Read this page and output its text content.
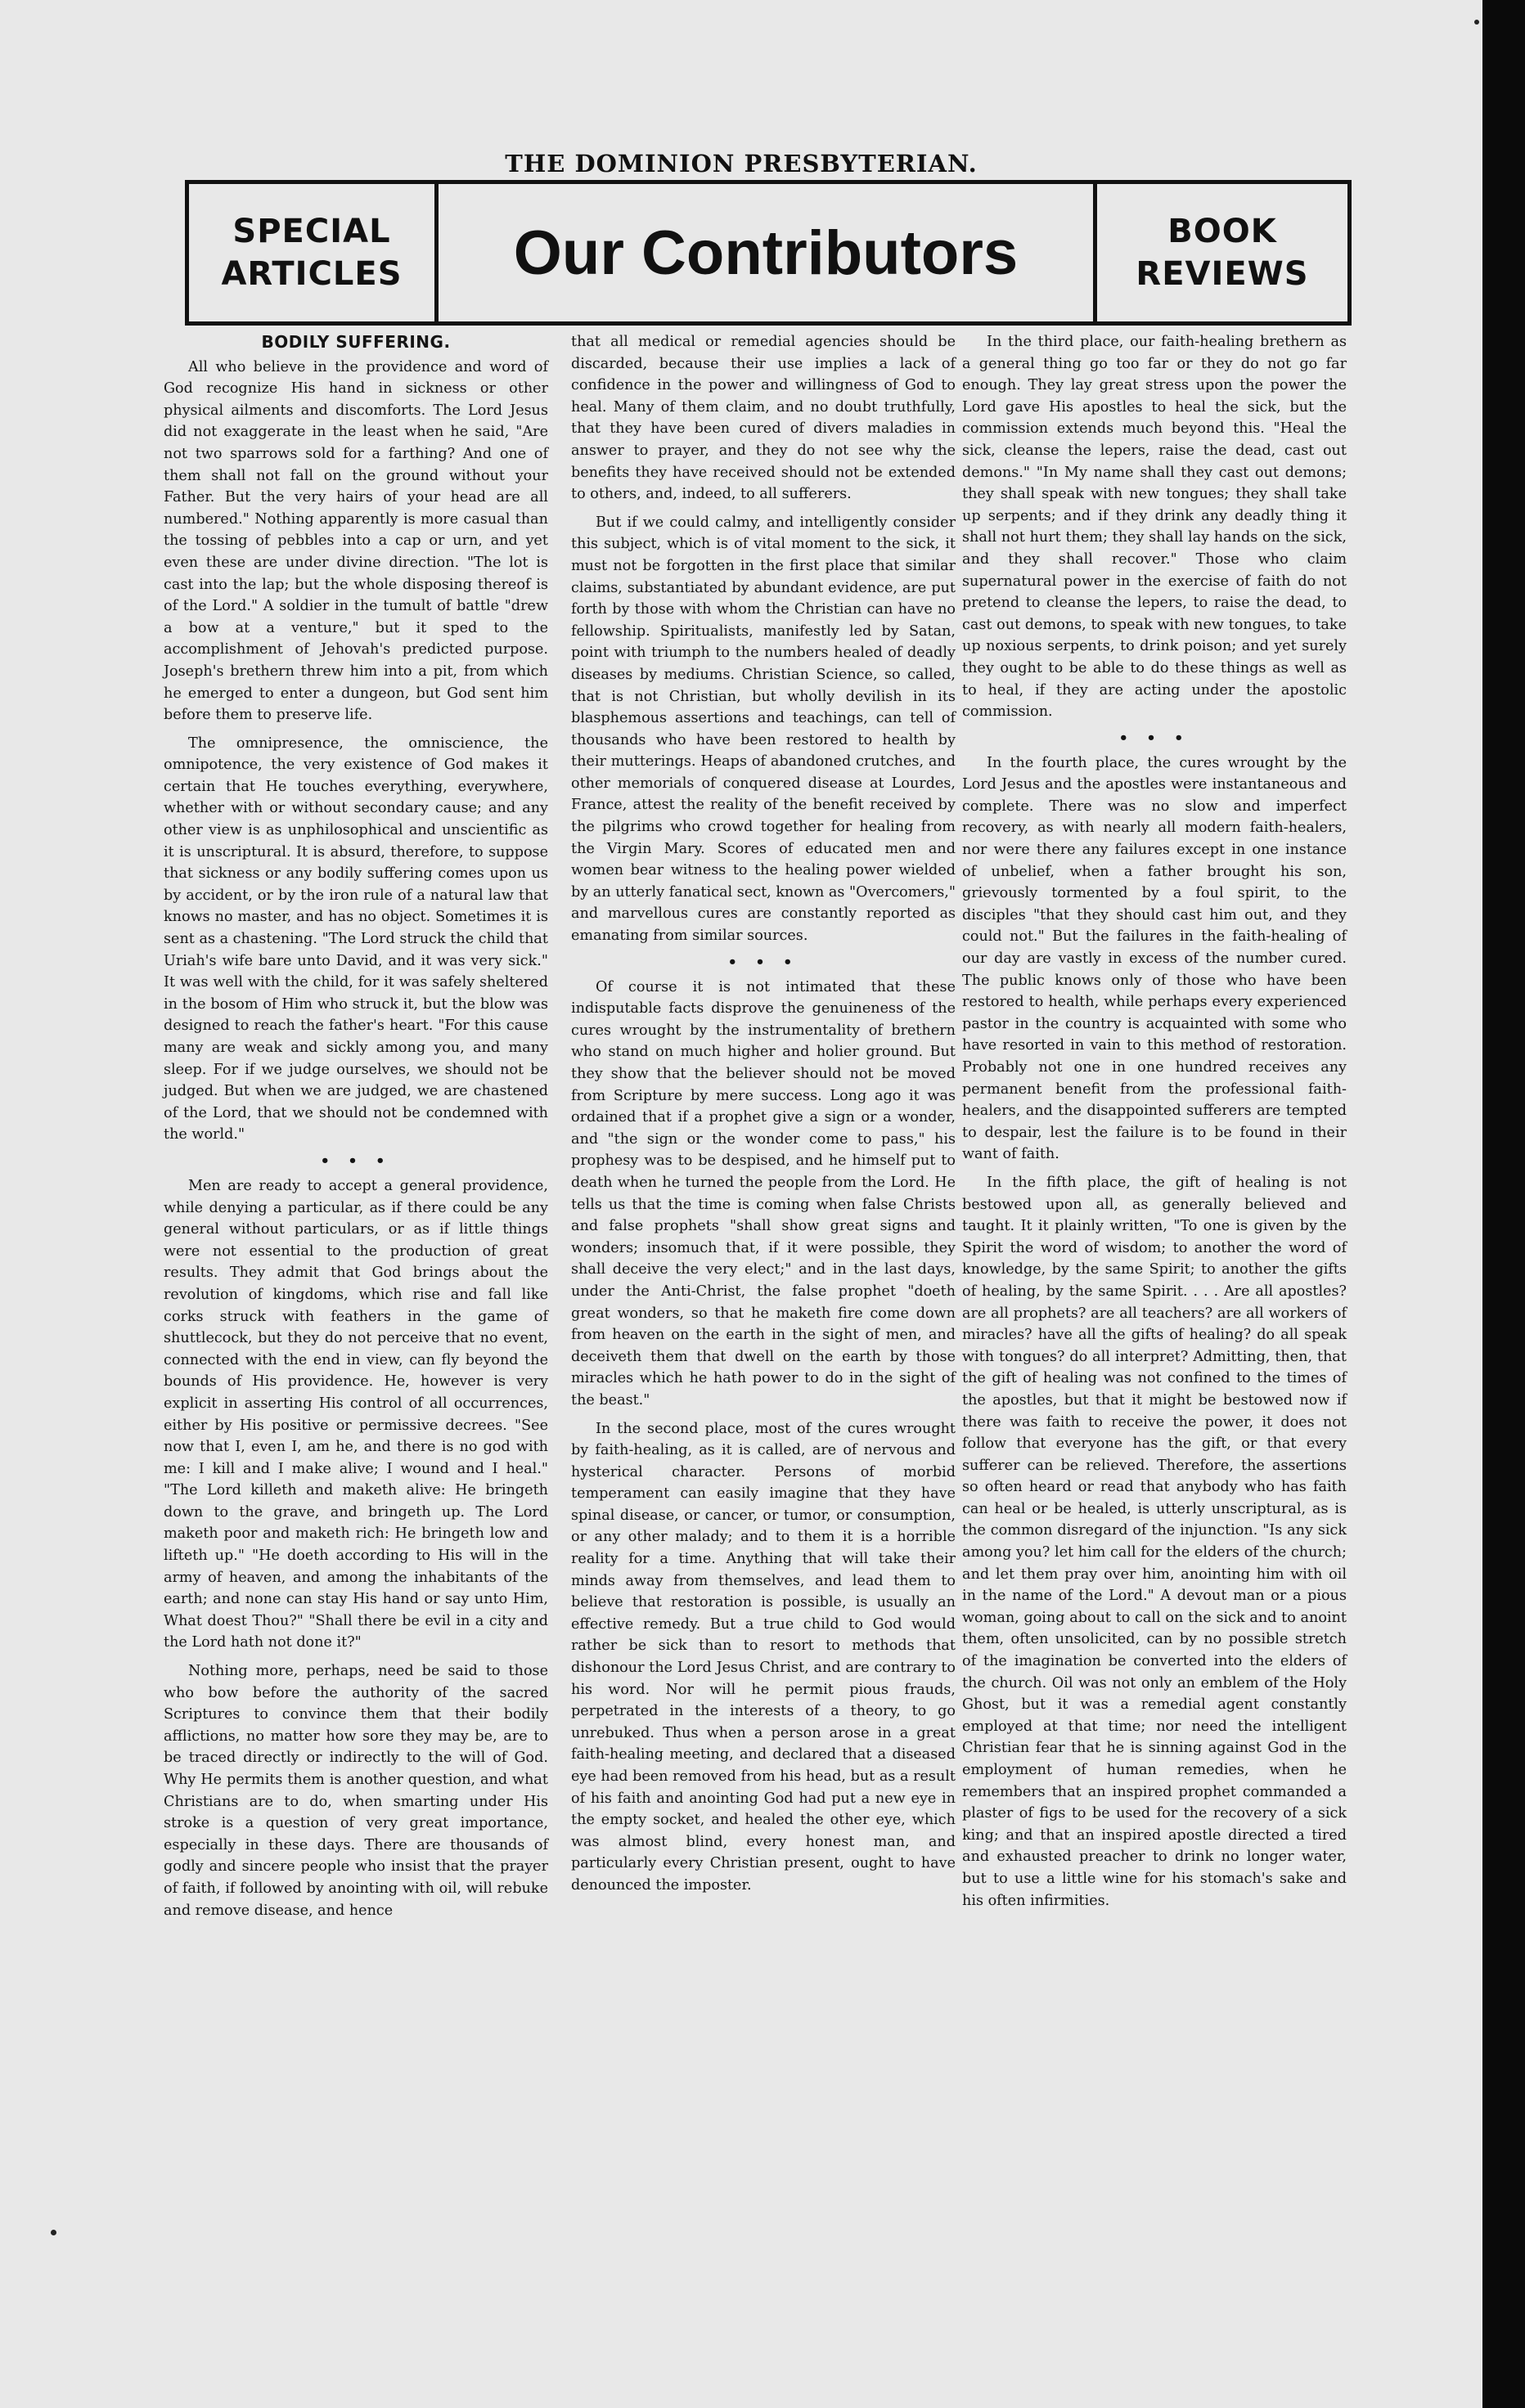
THE DOMINION PRESBYTERIAN.
SPECIAL
ARTICLES	Our Contributors	BOOK
REVIEWS
BODILY SUFFERING.

All who believe in the providence and word of God recognize His hand in sickness or other physical ailments and discomforts. The Lord Jesus did not exaggerate in the least when he said, "Are not two sparrows sold for a farthing? And one of them shall not fall on the ground without your Father. But the very hairs of your head are all numbered." Nothing apparently is more casual than the tossing of pebbles into a cap or urn, and yet even these are under divine direction. "The lot is cast into the lap; but the whole disposing thereof is of the Lord." A soldier in the tumult of battle "drew a bow at a venture," but it sped to the accomplishment of Jehovah's predicted purpose. Joseph's brethern threw him into a pit, from which he emerged to enter a dungeon, but God sent him before them to preserve life.

The omnipresence, the omniscience, the omnipotence, the very existence of God makes it certain that He touches everything, everywhere, whether with or without secondary cause; and any other view is as unphilosophical and unscientific as it is unscriptural. It is absurd, therefore, to suppose that sickness or any bodily suffering comes upon us by accident, or by the iron rule of a natural law that knows no master, and has no object. Sometimes it is sent as a chastening. "The Lord struck the child that Uriah's wife bare unto David, and it was very sick." It was well with the child, for it was safely sheltered in the bosom of Him who struck it, but the blow was designed to reach the father's heart. "For this cause many are weak and sickly among you, and many sleep. For if we judge ourselves, we should not be judged. But when we are judged, we are chastened of the Lord, that we should not be condemned with the world."

• • •

Men are ready to accept a general providence, while denying a particular, as if there could be any general without particulars, or as if little things were not essential to the production of great results. They admit that God brings about the revolution of kingdoms, which rise and fall like corks struck with feathers in the game of shuttlecock, but they do not perceive that no event, connected with the end in view, can fly beyond the bounds of His providence. He, however is very explicit in asserting His control of all occurrences, either by His positive or permissive decrees. "See now that I, even I, am he, and there is no god with me: I kill and I make alive; I wound and I heal." "The Lord killeth and maketh alive: He bringeth down to the grave, and bringeth up. The Lord maketh poor and maketh rich: He bringeth low and lifteth up." "He doeth according to His will in the army of heaven, and among the inhabitants of the earth; and none can stay His hand or say unto Him, What doest Thou?" "Shall there be evil in a city and the Lord hath not done it?"

Nothing more, perhaps, need be said to those who bow before the authority of the sacred Scriptures to convince them that their bodily afflictions, no matter how sore they may be, are to be traced directly or indirectly to the will of God. Why He permits them is another question, and what Christians are to do, when smarting under His stroke is a question of very great importance, especially in these days. There are thousands of godly and sincere people who insist that the prayer of faith, if followed by anointing with oil, will rebuke and remove disease, and hence

that all medical or remedial agencies should be discarded, because their use implies a lack of confidence in the power and willingness of God to heal. Many of them claim, and no doubt truthfully, that they have been cured of divers maladies in answer to prayer, and they do not see why the benefits they have received should not be extended to others, and, indeed, to all sufferers.

But if we could calmy, and intelligently consider this subject, which is of vital moment to the sick, it must not be forgotten in the first place that similar claims, substantiated by abundant evidence, are put forth by those with whom the Christian can have no fellowship. Spiritualists, manifestly led by Satan, point with triumph to the numbers healed of deadly diseases by mediums. Christian Science, so called, that is not Christian, but wholly devilish in its blasphemous assertions and teachings, can tell of thousands who have been restored to health by their mutterings. Heaps of abandoned crutches, and other memorials of conquered disease at Lourdes, France, attest the reality of the benefit received by the pilgrims who crowd together for healing from the Virgin Mary. Scores of educated men and women bear witness to the healing power wielded by an utterly fanatical sect, known as "Overcomers," and marvellous cures are constantly reported as emanating from similar sources.

• • •

Of course it is not intimated that these indisputable facts disprove the genuineness of the cures wrought by the instrumentality of brethern who stand on much higher and holier ground. But they show that the believer should not be moved from Scripture by mere success. Long ago it was ordained that if a prophet give a sign or a wonder, and "the sign or the wonder come to pass," his prophesy was to be despised, and he himself put to death when he turned the people from the Lord. He tells us that the time is coming when false Christs and false prophets "shall show great signs and wonders; insomuch that, if it were possible, they shall deceive the very elect;" and in the last days, under the Anti-Christ, the false prophet "doeth great wonders, so that he maketh fire come down from heaven on the earth in the sight of men, and deceiveth them that dwell on the earth by those miracles which he hath power to do in the sight of the beast."

In the second place, most of the cures wrought by faith-healing, as it is called, are of nervous and hysterical character. Persons of morbid temperament can easily imagine that they have spinal disease, or cancer, or tumor, or consumption, or any other malady; and to them it is a horrible reality for a time. Anything that will take their minds away from themselves, and lead them to believe that restoration is possible, is usually an effective remedy. But a true child to God would rather be sick than to resort to methods that dishonour the Lord Jesus Christ, and are contrary to his word. Nor will he permit pious frauds, perpetrated in the interests of a theory, to go unrebuked. Thus when a person arose in a great faith-healing meeting, and declared that a diseased eye had been removed from his head, but as a result of his faith and anointing God had put a new eye in the empty socket, and healed the other eye, which was almost blind, every honest man, and particularly every Christian present, ought to have denounced the imposter.

In the third place, our faith-healing brethern as a general thing go too far or they do not go far enough. They lay great stress upon the power the Lord gave His apostles to heal the sick, but the commission extends much beyond this. "Heal the sick, cleanse the lepers, raise the dead, cast out demons." "In My name shall they cast out demons; they shall speak with new tongues; they shall take up serpents; and if they drink any deadly thing it shall not hurt them; they shall lay hands on the sick, and they shall recover." Those who claim supernatural power in the exercise of faith do not pretend to cleanse the lepers, to raise the dead, to cast out demons, to speak with new tongues, to take up noxious serpents, to drink poison; and yet surely they ought to be able to do these things as well as to heal, if they are acting under the apostolic commission.

• • •

In the fourth place, the cures wrought by the Lord Jesus and the apostles were instantaneous and complete. There was no slow and imperfect recovery, as with nearly all modern faith-healers, nor were there any failures except in one instance of unbelief, when a father brought his son, grievously tormented by a foul spirit, to the disciples "that they should cast him out, and they could not." But the failures in the faith-healing of our day are vastly in excess of the number cured. The public knows only of those who have been restored to health, while perhaps every experienced pastor in the country is acquainted with some who have resorted in vain to this method of restoration. Probably not one in one hundred receives any permanent benefit from the professional faith-healers, and the disappointed sufferers are tempted to despair, lest the failure is to be found in their want of faith.

In the fifth place, the gift of healing is not bestowed upon all, as generally believed and taught. It it plainly written, "To one is given by the Spirit the word of wisdom; to another the word of knowledge, by the same Spirit; to another the gifts of healing, by the same Spirit. . . . Are all apostles? are all prophets? are all teachers? are all workers of miracles? have all the gifts of healing? do all speak with tongues? do all interpret? Admitting, then, that the gift of healing was not confined to the times of the apostles, but that it might be bestowed now if there was faith to receive the power, it does not follow that everyone has the gift, or that every sufferer can be relieved. Therefore, the assertions so often heard or read that anybody who has faith can heal or be healed, is utterly unscriptural, as is the common disregard of the injunction. "Is any sick among you? let him call for the elders of the church; and let them pray over him, anointing him with oil in the name of the Lord." A devout man or a pious woman, going about to call on the sick and to anoint them, often unsolicited, can by no possible stretch of the imagination be converted into the elders of the church. Oil was not only an emblem of the Holy Ghost, but it was a remedial agent constantly employed at that time; nor need the intelligent Christian fear that he is sinning against God in the employment of human remedies, when he remembers that an inspired prophet commanded a plaster of figs to be used for the recovery of a sick king; and that an inspired apostle directed a tired and exhausted preacher to drink no longer water, but to use a little wine for his stomach's sake and his often infirmities.
